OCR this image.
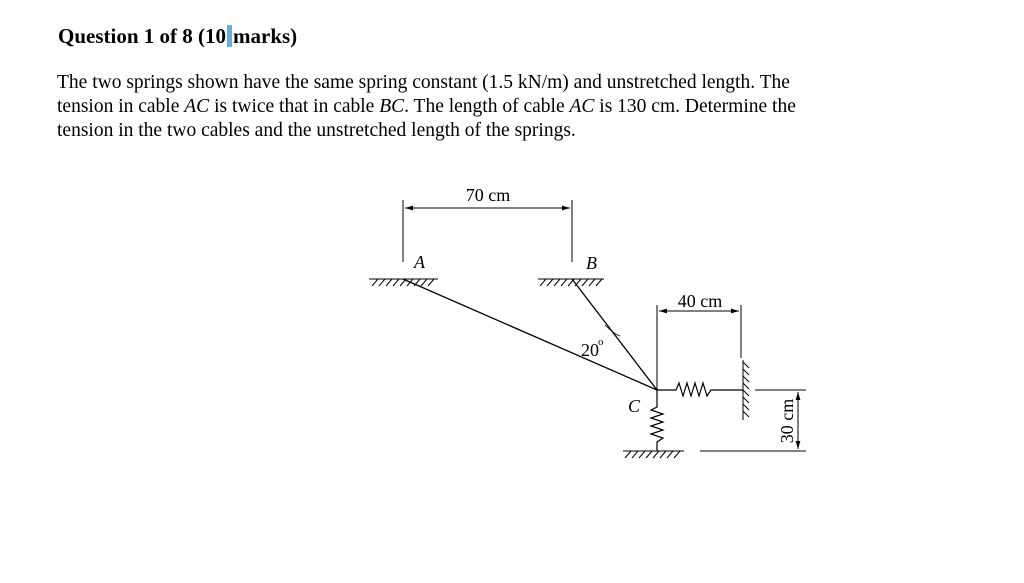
Question 1 of 8 (10 marks)

The two springs shown have the same spring constant (1.5 kN/m) and unstretched length. The

tension in cable AC is twice that in cable BC. The length of cable AC is 130 cm. Determine the

tension in the two cables and the unstretched length of the springs.

70 cm
A	B
20 o
C
40 cm
30 cm
